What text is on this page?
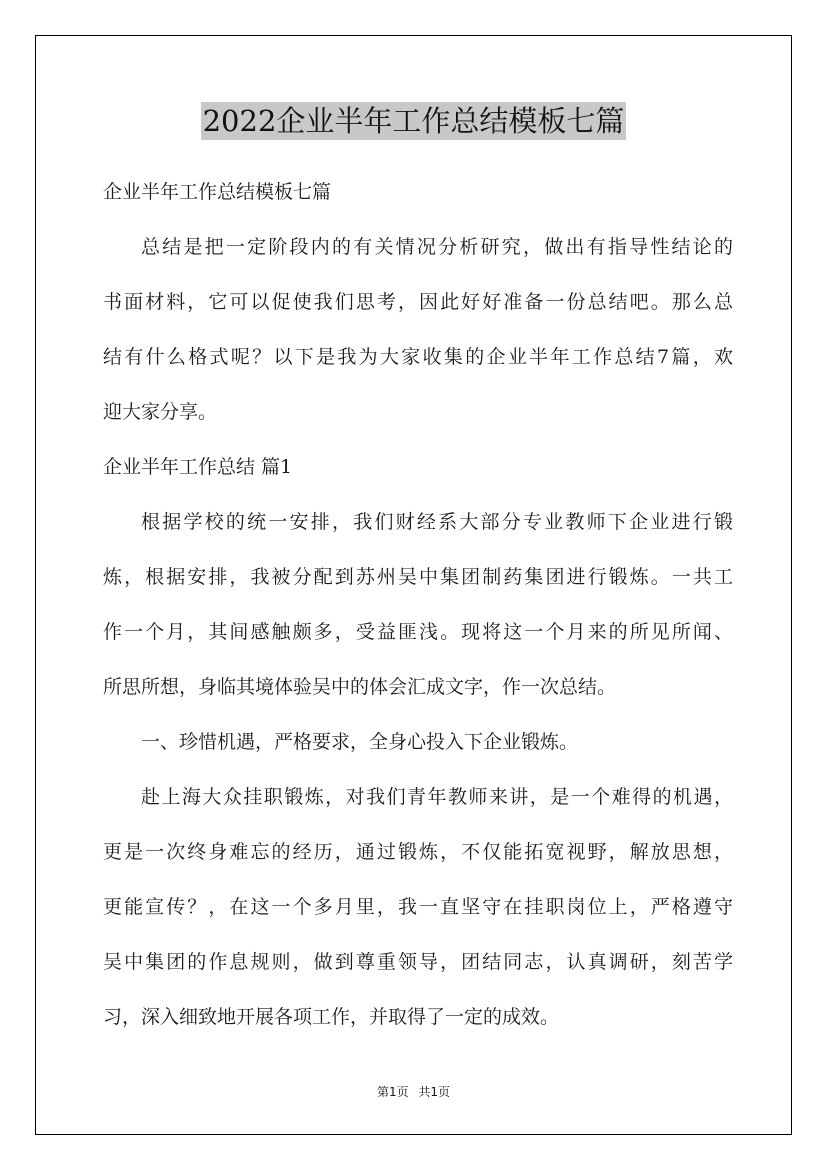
2022企业半年工作总结模板七篇
企业半年工作总结模板七篇
总结是把一定阶段内的有关情况分析研究，做出有指导性结论的
书面材料，它可以促使我们思考，因此好好准备一份总结吧。那么总
结有什么格式呢？以下是我为大家收集的企业半年工作总结7篇，欢
迎大家分享。
企业半年工作总结 篇1
根据学校的统一安排，我们财经系大部分专业教师下企业进行锻
炼，根据安排，我被分配到苏州吴中集团制药集团进行锻炼。一共工
作一个月，其间感触颇多，受益匪浅。现将这一个月来的所见所闻、
所思所想，身临其境体验吴中的体会汇成文字，作一次总结。
一、珍惜机遇，严格要求，全身心投入下企业锻炼。
赴上海大众挂职锻炼，对我们青年教师来讲，是一个难得的机遇，
更是一次终身难忘的经历，通过锻炼，不仅能拓宽视野，解放思想，
更能宣传？，在这一个多月里，我一直坚守在挂职岗位上，严格遵守
吴中集团的作息规则，做到尊重领导，团结同志，认真调研，刻苦学
习，深入细致地开展各项工作，并取得了一定的成效。
第1页 共1页
